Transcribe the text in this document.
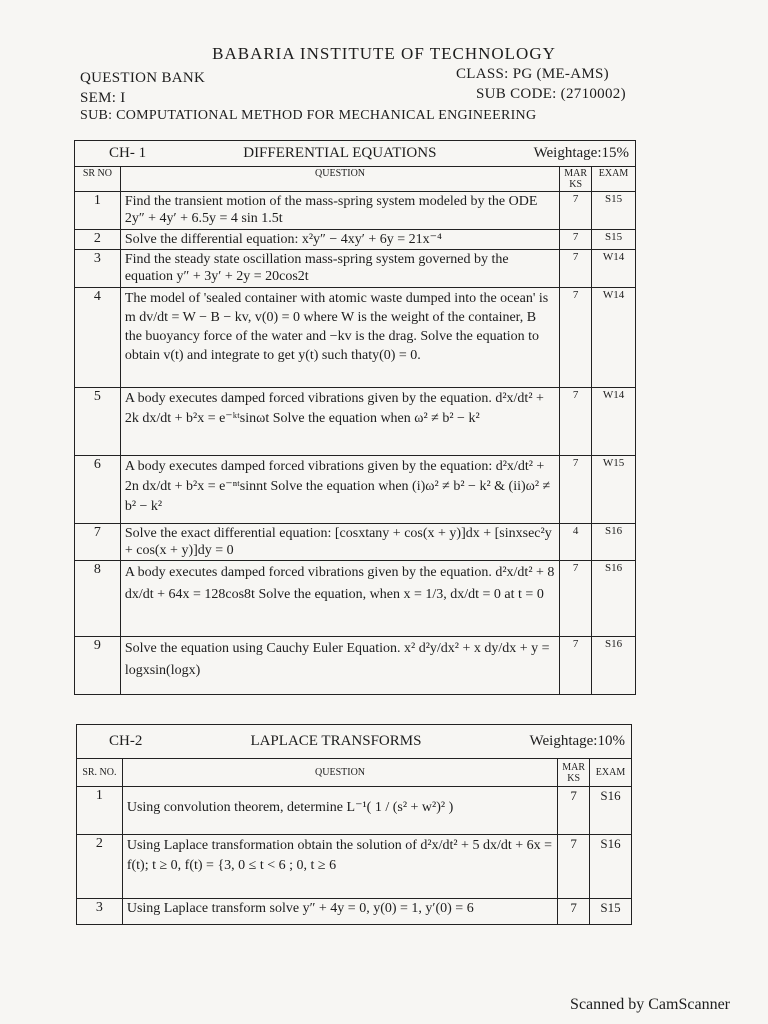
BABARIA INSTITUTE OF TECHNOLOGY
QUESTION BANK
SEM: I
SUB: COMPUTATIONAL METHOD FOR MECHANICAL ENGINEERING
CLASS: PG (ME-AMS)
SUB CODE: (2710002)
CH- 1 DIFFERENTIAL EQUATIONS Weightage:15%			

SR NO	QUESTION	MAR KS	EXAM
1	Find the transient motion of the mass-spring system modeled by the ODE 2y″ + 4y′ + 6.5y = 4 sin 1.5t	7	S15
2	Solve the differential equation: x²y″ − 4xy′ + 6y = 21x⁻⁴	7	S15
3	Find the steady state oscillation mass-spring system governed by the equation y″ + 3y′ + 2y = 20cos2t	7	W14
4	The model of 'sealed container with atomic waste dumped into the ocean' is m dv/dt = W − B − kv, v(0) = 0 where W is the weight of the container, B the buoyancy force of the water and −kv is the drag. Solve the equation to obtain v(t) and integrate to get y(t) such thaty(0) = 0.	7	W14
5	A body executes damped forced vibrations given by the equation. d²x/dt² + 2k dx/dt + b²x = e⁻ᵏᵗsinωt Solve the equation when ω² ≠ b² − k²	7	W14
6	A body executes damped forced vibrations given by the equation: d²x/dt² + 2n dx/dt + b²x = e⁻ⁿᵗsinnt Solve the equation when (i)ω² ≠ b² − k² & (ii)ω² ≠ b² − k²	7	W15
7	Solve the exact differential equation: [cosxtany + cos(x + y)]dx + [sinxsec²y + cos(x + y)]dy = 0	4	S16
8	A body executes damped forced vibrations given by the equation. d²x/dt² + 8 dx/dt + 64x = 128cos8t Solve the equation, when x = 1/3, dx/dt = 0 at t = 0	7	S16
9	Solve the equation using Cauchy Euler Equation. x² d²y/dx² + x dy/dx + y = logxsin(logx)	7	S16
CH-2 LAPLACE TRANSFORMS Weightage:10%			

SR. NO.	QUESTION	MAR KS	EXAM
1	Using convolution theorem, determine L⁻¹( 1 / (s² + w²)² )	7	S16
2	Using Laplace transformation obtain the solution of d²x/dt² + 5 dx/dt + 6x = f(t); t ≥ 0, f(t) = {3, 0 ≤ t < 6 ; 0, t ≥ 6	7	S16
3	Using Laplace transform solve y″ + 4y = 0, y(0) = 1, y′(0) = 6	7	S15
Scanned by CamScanner
